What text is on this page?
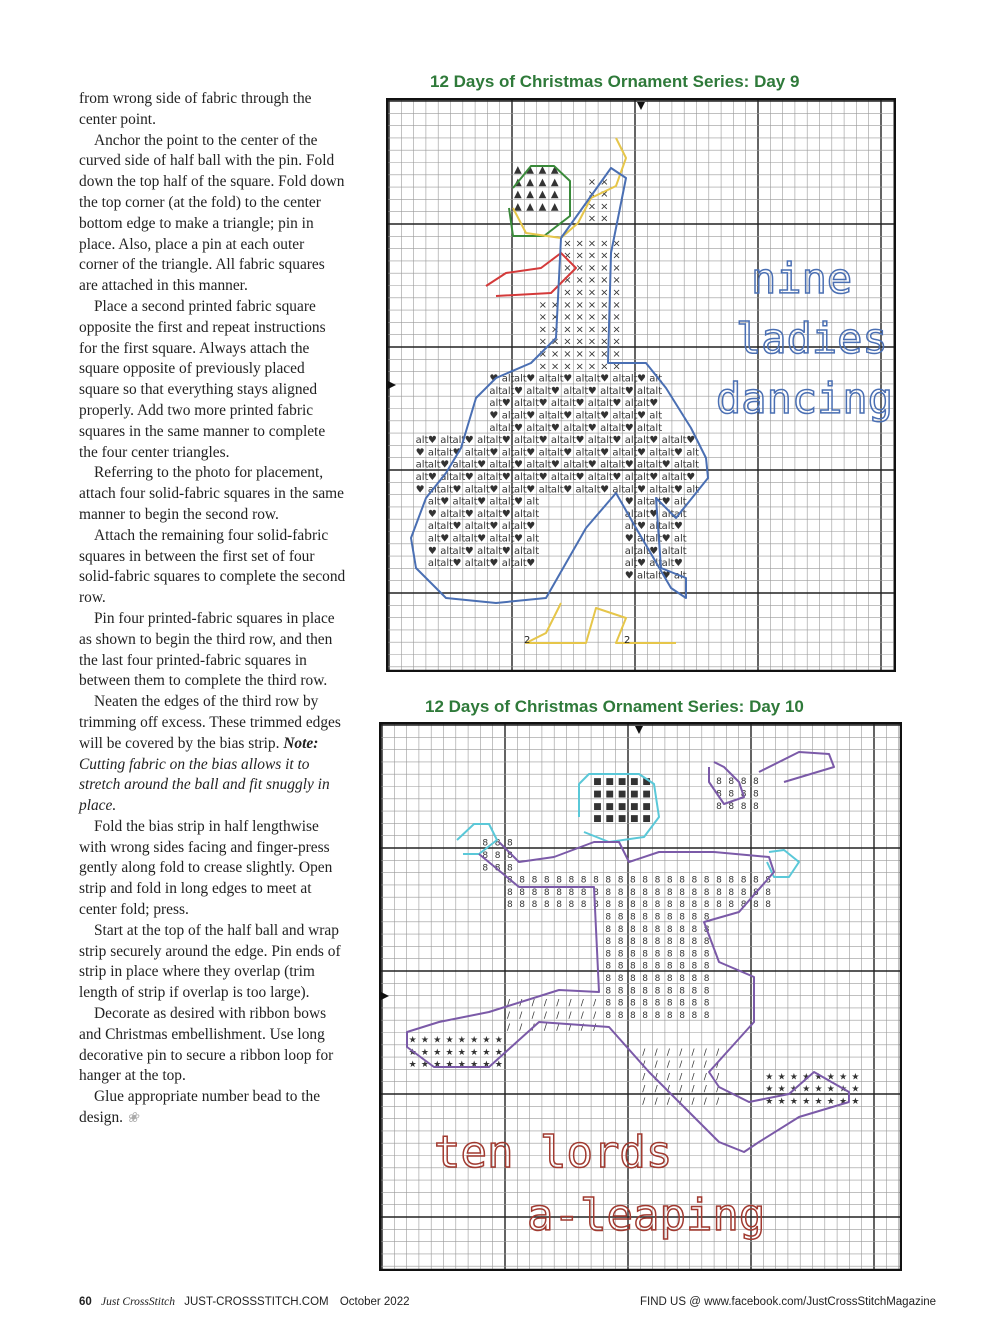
from wrong side of fabric through the center point.

Anchor the point to the center of the curved side of half ball with the pin. Fold down the top half of the square. Fold down the top corner (at the fold) to the center bottom edge to make a triangle; pin in place. Also, place a pin at each outer corner of the triangle. All fabric squares are attached in this manner.

Place a second printed fabric square opposite the first and repeat instructions for the first square. Always attach the square opposite of previously placed square so that everything stays aligned properly. Add two more printed fabric squares in the same manner to complete the four center triangles.

Referring to the photo for placement, attach four solid-fabric squares in the same manner to begin the second row.

Attach the remaining four solid-fabric squares in between the first set of four solid-fabric squares to complete the second row.

Pin four printed-fabric squares in place as shown to begin the third row, and then the last four printed-fabric squares in between them to complete the third row.

Neaten the edges of the third row by trimming off excess. These trimmed edges will be covered by the bias strip. Note: Cutting fabric on the bias allows it to stretch around the ball and fit snuggly in place.

Fold the bias strip in half lengthwise with wrong sides facing and finger-press gently along fold to crease slightly. Open strip and fold in long edges to meet at center fold; press.

Start at the top of the half ball and wrap strip securely around the edge. Pin ends of strip in place where they overlap (trim length of strip if overlap is too large).

Decorate as desired with ribbon bows and Christmas embellishment. Use long decorative pin to secure a ribbon loop for hanger at the top.

Glue appropriate number bead to the design. ❀

12 Days of Christmas Ornament Series: Day 9
▲ ▲ ▲ ▲
▲ ▲ ▲ ▲
▲ ▲ ▲ ▲
▲ ▲ ▲ ▲
× ×
× ×
× ×
× ×
× × × × ×
× × × × ×
× × × × ×
× × × × ×
× × × × ×
× × × × × × ×
× × × × × × ×
× × × × × × ×
× × × × × × ×
× × × × × × ×
× × × × × × ×
♥ alt alt ♥ alt alt ♥ alt alt ♥ alt alt ♥ alt
alt alt ♥ alt alt ♥ alt alt ♥ alt alt ♥ alt alt
alt ♥ alt alt ♥ alt alt ♥ alt alt ♥ alt alt ♥
♥ alt alt ♥ alt alt ♥ alt alt ♥ alt alt ♥ alt
alt alt ♥ alt alt ♥ alt alt ♥ alt alt ♥ alt alt
alt ♥ alt alt ♥ alt alt ♥ alt alt ♥ alt alt ♥ alt alt ♥ alt alt ♥ alt alt ♥
♥ alt alt ♥ alt alt ♥ alt alt ♥ alt alt ♥ alt alt ♥ alt alt ♥ alt alt ♥ alt
alt alt ♥ alt alt ♥ alt alt ♥ alt alt ♥ alt alt ♥ alt alt ♥ alt alt ♥ alt alt
alt ♥ alt alt ♥ alt alt ♥ alt alt ♥ alt alt ♥ alt alt ♥ alt alt ♥ alt alt ♥
♥ alt alt ♥ alt alt ♥ alt alt ♥ alt alt ♥ alt alt ♥ alt alt ♥ alt alt ♥ alt
alt ♥ alt alt ♥ alt alt ♥ alt
♥ alt alt ♥ alt alt ♥ alt alt
alt alt ♥ alt alt ♥ alt alt ♥
alt ♥ alt alt ♥ alt alt ♥ alt
♥ alt alt ♥ alt alt ♥ alt alt
alt alt ♥ alt alt ♥ alt alt ♥
♥ alt alt ♥ alt
alt alt ♥ alt alt
alt ♥ alt alt ♥
♥ alt alt ♥ alt
alt alt ♥ alt alt
alt ♥ alt alt ♥
♥ alt alt ♥ alt
nine
ladies
dancing
2	2
12 Days of Christmas Ornament Series: Day 10
■ ■ ■ ■ ■
■ ■ ■ ■ ■
■ ■ ■ ■ ■
■ ■ ■ ■ ■
8 8 8
8 8 8
8 8 8
8 8 8 8 8 8 8 8 8 8 8 8 8 8 8 8 8 8 8 8 8 8
8 8 8 8 8 8 8 8 8 8 8 8 8 8 8 8 8 8 8 8 8 8
8 8 8 8 8 8 8 8 8 8 8 8 8 8 8 8 8 8 8 8 8 8
8 8 8 8 8 8 8 8 8
8 8 8 8 8 8 8 8 8
8 8 8 8 8 8 8 8 8
8 8 8 8 8 8 8 8 8
8 8 8 8 8 8 8 8 8
8 8 8 8 8 8 8 8 8
8 8 8 8 8 8 8 8 8
8 8 8 8 8 8 8 8 8
8 8 8 8 8 8 8 8 8
/ / / / / / / /
/ / / / / / / /
/ / / / / / / /
★ ★ ★ ★ ★ ★ ★ ★
★ ★ ★ ★ ★ ★ ★ ★
★ ★ ★ ★ ★ ★ ★ ★
/ / / / / / /
/ / / / / / /
/ / / / / / /
/ / / / / / /
/ / / / / / /
★ ★ ★ ★ ★ ★ ★ ★
★ ★ ★ ★ ★ ★ ★ ★
★ ★ ★ ★ ★ ★ ★ ★
8 8 8 8
8 8 8 8
8 8 8 8
ten lords
a-leaping
60 Just CrossStitch JUST-CROSSSTITCH.COM October 2022	FIND US @ www.facebook.com/JustCrossStitchMagazine
